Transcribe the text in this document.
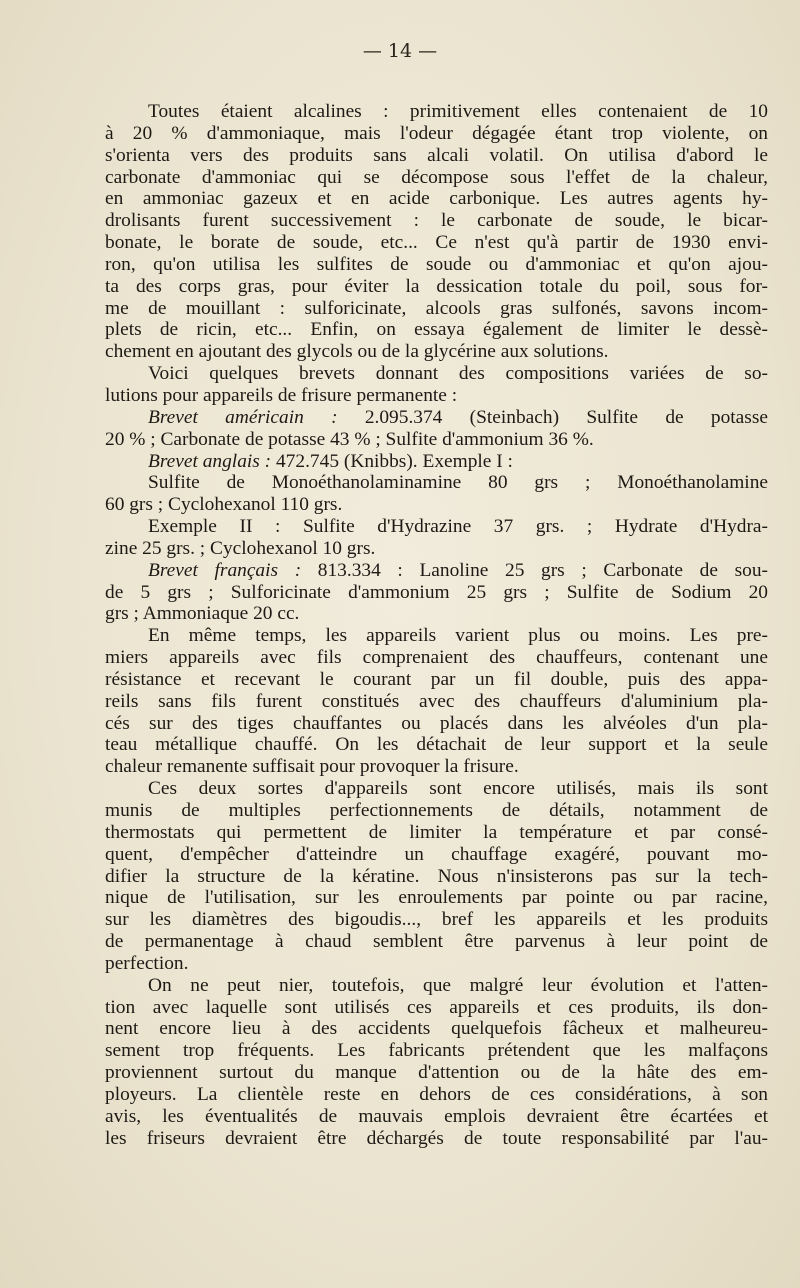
— 14 —
Toutes étaient alcalines : primitivement elles contenaient de 10
à 20 % d'ammoniaque, mais l'odeur dégagée étant trop violente, on
s'orienta vers des produits sans alcali volatil. On utilisa d'abord le
carbonate d'ammoniac qui se décompose sous l'effet de la chaleur,
en ammoniac gazeux et en acide carbonique. Les autres agents hy-
drolisants furent successivement : le carbonate de soude, le bicar-
bonate, le borate de soude, etc... Ce n'est qu'à partir de 1930 envi-
ron, qu'on utilisa les sulfites de soude ou d'ammoniac et qu'on ajou-
ta des corps gras, pour éviter la dessication totale du poil, sous for-
me de mouillant : sulforicinate, alcools gras sulfonés, savons incom-
plets de ricin, etc... Enfin, on essaya également de limiter le dessè-
chement en ajoutant des glycols ou de la glycérine aux solutions.
Voici quelques brevets donnant des compositions variées de so-
lutions pour appareils de frisure permanente :
Brevet américain : 2.095.374 (Steinbach) Sulfite de potasse
20 % ; Carbonate de potasse 43 % ; Sulfite d'ammonium 36 %.
Brevet anglais : 472.745 (Knibbs). Exemple I :
Sulfite de Monoéthanolaminamine 80 grs ; Monoéthanolamine
60 grs ; Cyclohexanol 110 grs.
Exemple II : Sulfite d'Hydrazine 37 grs. ; Hydrate d'Hydra-
zine 25 grs. ; Cyclohexanol 10 grs.
Brevet français : 813.334 : Lanoline 25 grs ; Carbonate de sou-
de 5 grs ; Sulforicinate d'ammonium 25 grs ; Sulfite de Sodium 20
grs ; Ammoniaque 20 cc.
En même temps, les appareils varient plus ou moins. Les pre-
miers appareils avec fils comprenaient des chauffeurs, contenant une
résistance et recevant le courant par un fil double, puis des appa-
reils sans fils furent constitués avec des chauffeurs d'aluminium pla-
cés sur des tiges chauffantes ou placés dans les alvéoles d'un pla-
teau métallique chauffé. On les détachait de leur support et la seule
chaleur remanente suffisait pour provoquer la frisure.
Ces deux sortes d'appareils sont encore utilisés, mais ils sont
munis de multiples perfectionnements de détails, notamment de
thermostats qui permettent de limiter la température et par consé-
quent, d'empêcher d'atteindre un chauffage exagéré, pouvant mo-
difier la structure de la kératine. Nous n'insisterons pas sur la tech-
nique de l'utilisation, sur les enroulements par pointe ou par racine,
sur les diamètres des bigoudis..., bref les appareils et les produits
de permanentage à chaud semblent être parvenus à leur point de
perfection.
On ne peut nier, toutefois, que malgré leur évolution et l'atten-
tion avec laquelle sont utilisés ces appareils et ces produits, ils don-
nent encore lieu à des accidents quelquefois fâcheux et malheureu-
sement trop fréquents. Les fabricants prétendent que les malfaçons
proviennent surtout du manque d'attention ou de la hâte des em-
ployeurs. La clientèle reste en dehors de ces considérations, à son
avis, les éventualités de mauvais emplois devraient être écartées et
les friseurs devraient être déchargés de toute responsabilité par l'au-
